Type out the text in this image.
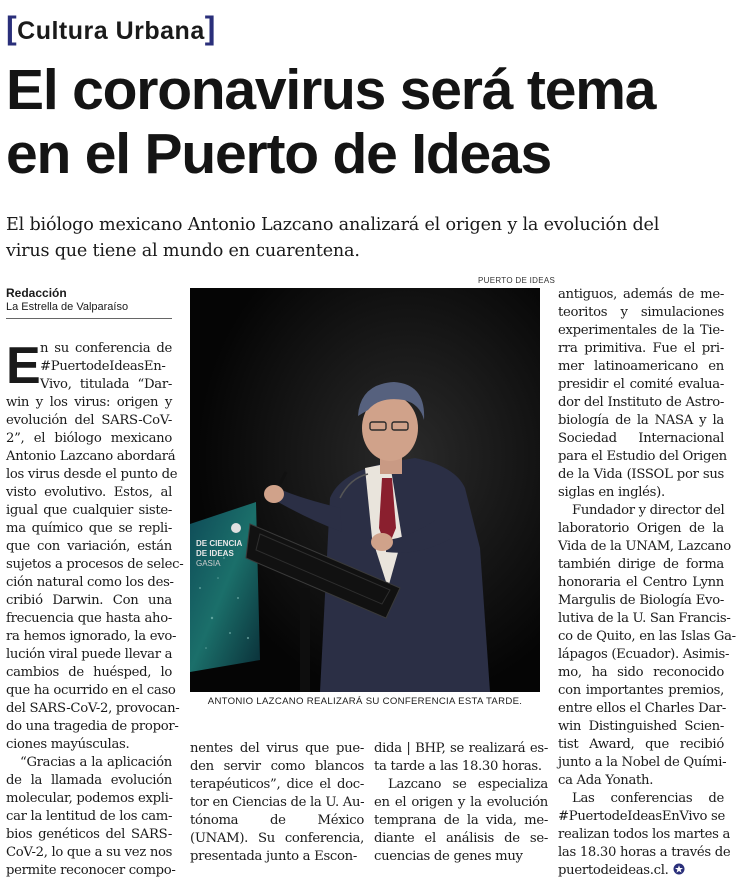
[Cultura Urbana]
El coronavirus será tema
en el Puerto de Ideas
El biólogo mexicano Antonio Lazcano analizará el origen y la evolución del
virus que tiene al mundo en cuarentena.
Redacción
La Estrella de Valparaíso
PUERTO DE IDEAS
E n su conferencia de
#PuertodeIdeasEn-
Vivo, titulada “Dar-
win y los virus: origen y
evolución del SARS-CoV-
2”, el biólogo mexicano
Antonio Lazcano abordará
los virus desde el punto de
visto evolutivo. Estos, al
igual que cualquier siste-
ma químico que se repli-
que con variación, están
sujetos a procesos de selec-
ción natural como los des-
cribió Darwin. Con una
frecuencia que hasta aho-
ra hemos ignorado, la evo-
lución viral puede llevar a
cambios de huésped, lo
que ha ocurrido en el caso
del SARS-CoV-2, provocan-
do una tragedia de propor-
ciones mayúsculas.
“Gracias a la aplicación
de la llamada evolución
molecular, podemos expli-
car la lentitud de los cam-
bios genéticos del SARS-
CoV-2, lo que a su vez nos
permite reconocer compo-
nentes del virus que pue-
den servir como blancos
terapéuticos”, dice el doc-
tor en Ciencias de la U. Au-
tónoma de México
(UNAM). Su conferencia,
presentada junto a Escon-
dida | BHP, se realizará es-
ta tarde a las 18.30 horas.
Lazcano se especializa
en el origen y la evolución
temprana de la vida, me-
diante el análisis de se-
cuencias de genes muy
antiguos, además de me-
teoritos y simulaciones
experimentales de la Tie-
rra primitiva. Fue el pri-
mer latinoamericano en
presidir el comité evalua-
dor del Instituto de Astro-
biología de la NASA y la
Sociedad Internacional
para el Estudio del Origen
de la Vida (ISSOL por sus
siglas en inglés).
Fundador y director del
laboratorio Origen de la
Vida de la UNAM, Lazcano
también dirige de forma
honoraria el Centro Lynn
Margulis de Biología Evo-
lutiva de la U. San Francis-
co de Quito, en las Islas Ga-
lápagos (Ecuador). Asimis-
mo, ha sido reconocido
con importantes premios,
entre ellos el Charles Dar-
win Distinguished Scien-
tist Award, que recibió
junto a la Nobel de Quími-
ca Ada Yonath.
Las conferencias de
#PuertodeIdeasEnVivo se
realizan todos los martes a
las 18.30 horas a través de
puertodeideas.cl.
DE CIENCIA
DE IDEAS
GASIA
ANTONIO LAZCANO REALIZARÁ SU CONFERENCIA ESTA TARDE.
